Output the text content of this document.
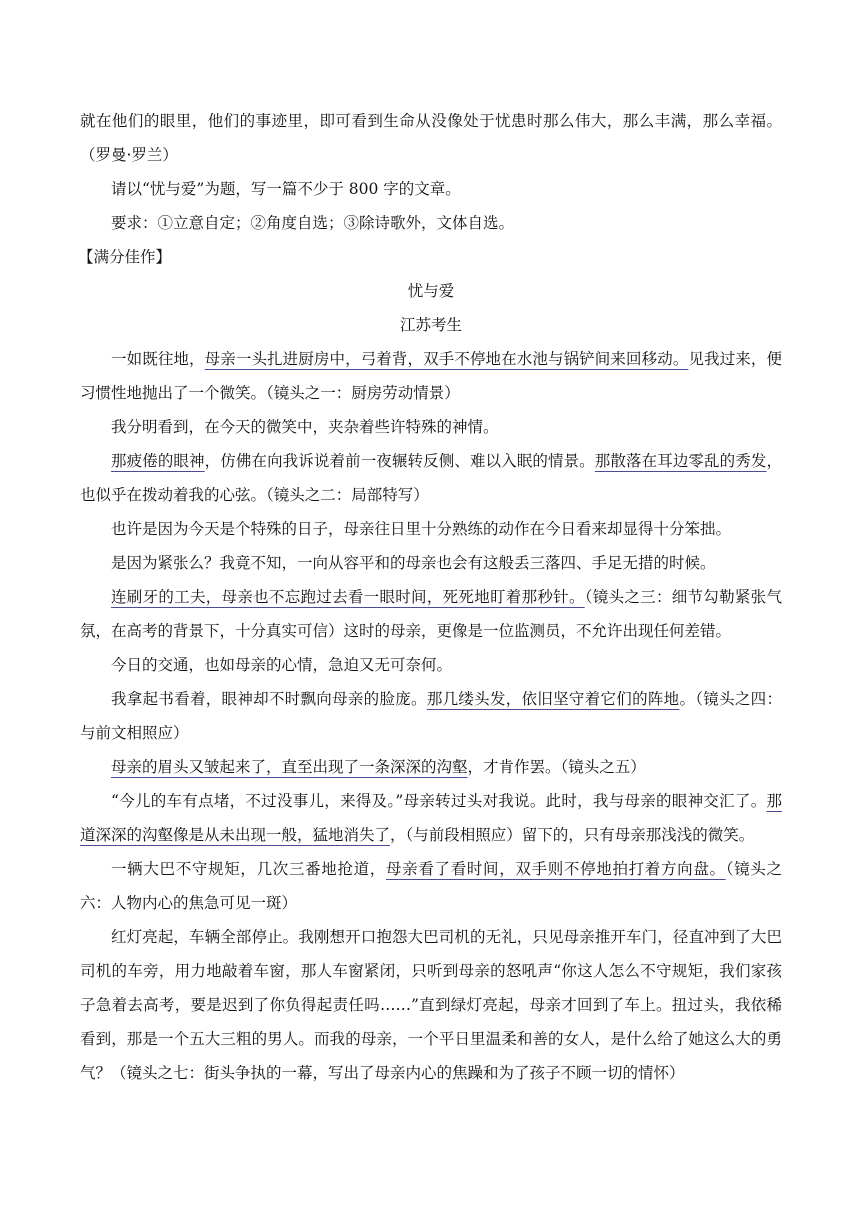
就在他们的眼里，他们的事迹里，即可看到生命从没像处于忧患时那么伟大，那么丰满，那么幸福。（罗曼·罗兰）

请以“忧与爱”为题，写一篇不少于 800 字的文章。

要求：①立意自定；②角度自选；③除诗歌外，文体自选。

【满分佳作】

忧与爱

江苏考生

一如既往地，母亲一头扎进厨房中，弓着背，双手不停地在水池与锅铲间来回移动。见我过来，便习惯性地抛出了一个微笑。（镜头之一：厨房劳动情景）

我分明看到，在今天的微笑中，夹杂着些许特殊的神情。

那疲倦的眼神，仿佛在向我诉说着前一夜辗转反侧、难以入眠的情景。那散落在耳边零乱的秀发，也似乎在拨动着我的心弦。（镜头之二：局部特写）

也许是因为今天是个特殊的日子，母亲往日里十分熟练的动作在今日看来却显得十分笨拙。

是因为紧张么？我竟不知，一向从容平和的母亲也会有这般丢三落四、手足无措的时候。

连刷牙的工夫，母亲也不忘跑过去看一眼时间，死死地盯着那秒针。（镜头之三：细节勾勒紧张气氛，在高考的背景下，十分真实可信）这时的母亲，更像是一位监测员，不允许出现任何差错。

今日的交通，也如母亲的心情，急迫又无可奈何。

我拿起书看着，眼神却不时飘向母亲的脸庞。那几缕头发，依旧坚守着它们的阵地。（镜头之四：与前文相照应）

母亲的眉头又皱起来了，直至出现了一条深深的沟壑，才肯作罢。（镜头之五）

“今儿的车有点堵，不过没事儿，来得及。”母亲转过头对我说。此时，我与母亲的眼神交汇了。那道深深的沟壑像是从未出现一般，猛地消失了，（与前段相照应）留下的，只有母亲那浅浅的微笑。

一辆大巴不守规矩，几次三番地抢道，母亲看了看时间，双手则不停地拍打着方向盘。（镜头之六：人物内心的焦急可见一斑）

红灯亮起，车辆全部停止。我刚想开口抱怨大巴司机的无礼，只见母亲推开车门，径直冲到了大巴司机的车旁，用力地敲着车窗，那人车窗紧闭，只听到母亲的怒吼声“你这人怎么不守规矩，我们家孩子急着去高考，要是迟到了你负得起责任吗……”直到绿灯亮起，母亲才回到了车上。扭过头，我依稀看到，那是一个五大三粗的男人。而我的母亲，一个平日里温柔和善的女人，是什么给了她这么大的勇气？（镜头之七：街头争执的一幕，写出了母亲内心的焦躁和为了孩子不顾一切的情怀）
